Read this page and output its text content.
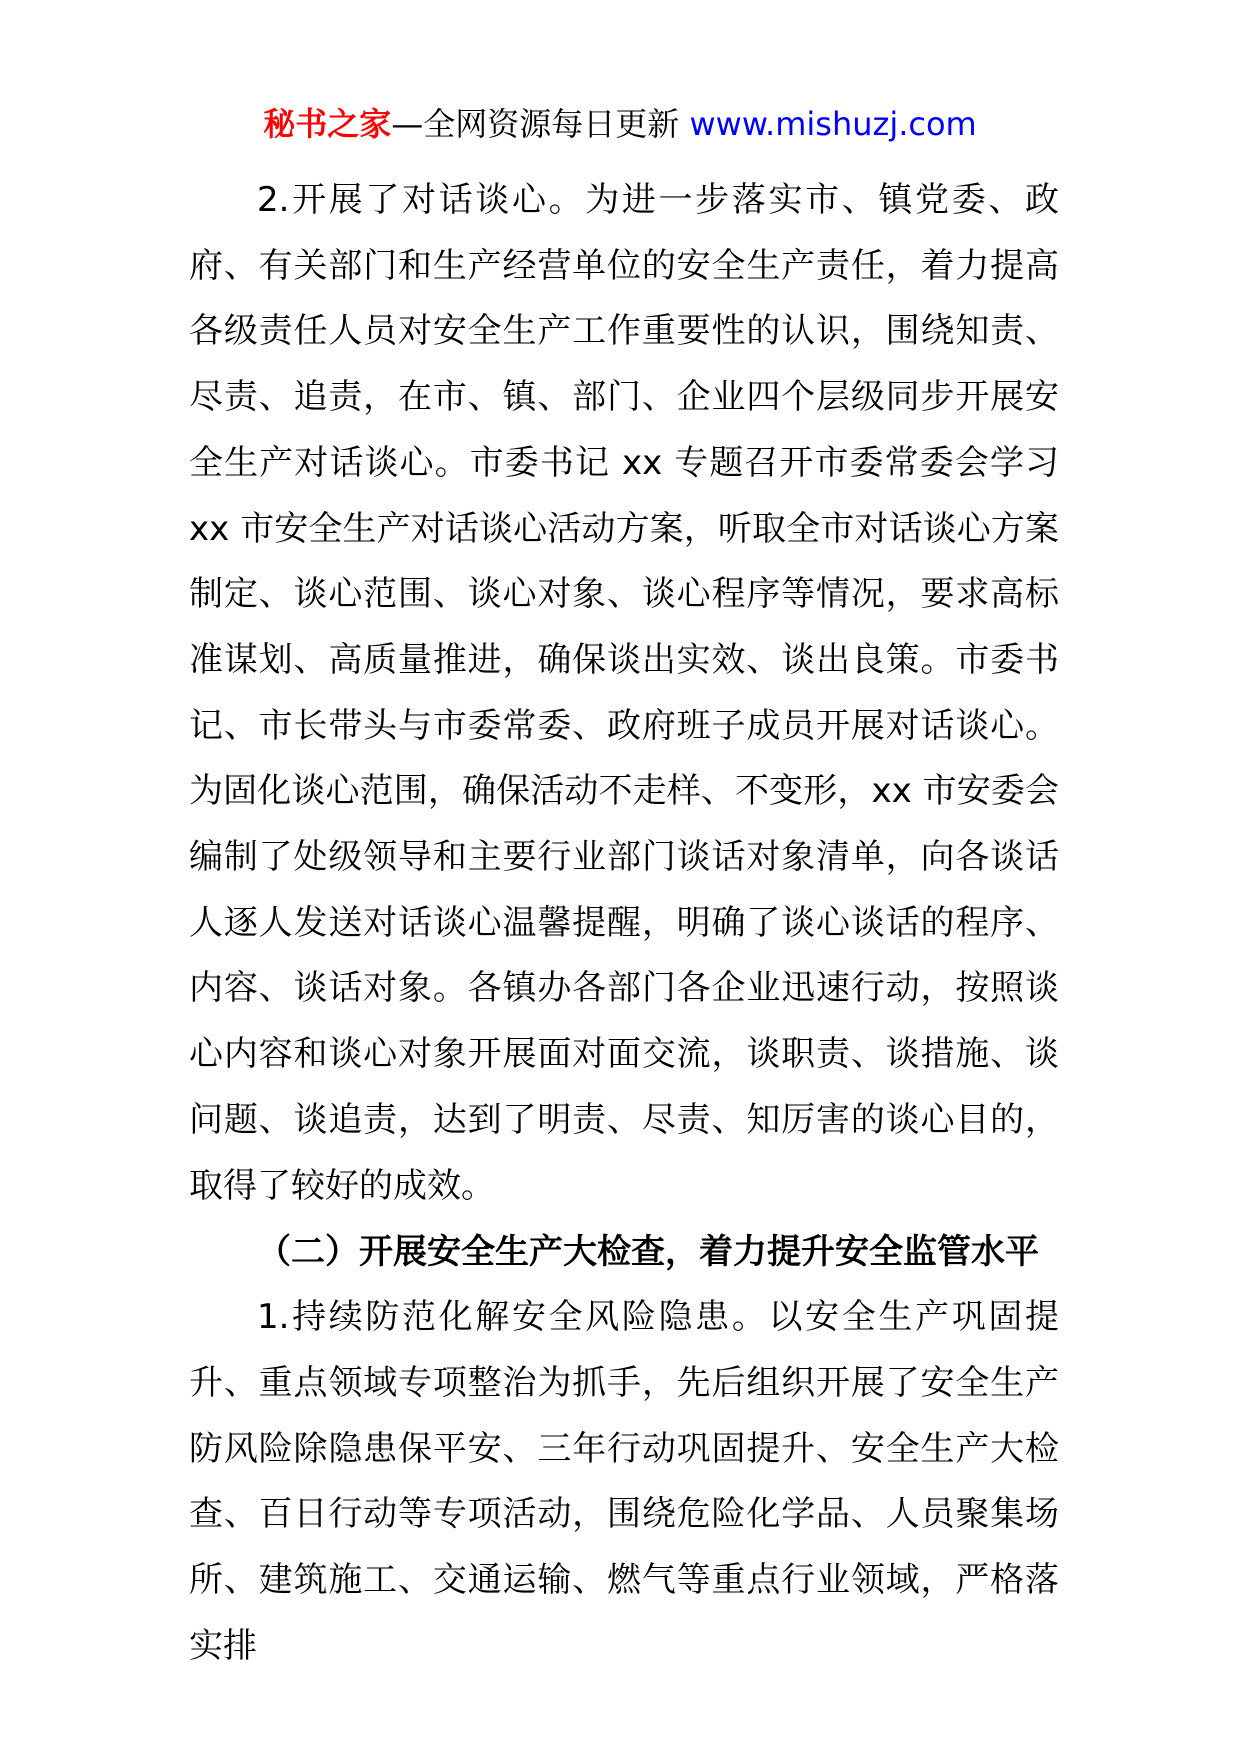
秘书之家—全网资源每日更新 www.mishuzj.com

2.开展了对话谈心。为进一步落实市、镇党委、政府、有关部门和生产经营单位的安全生产责任，着力提高各级责任人员对安全生产工作重要性的认识，围绕知责、尽责、追责，在市、镇、部门、企业四个层级同步开展安全生产对话谈心。市委书记 xx 专题召开市委常委会学习 xx 市安全生产对话谈心活动方案，听取全市对话谈心方案制定、谈心范围、谈心对象、谈心程序等情况，要求高标准谋划、高质量推进，确保谈出实效、谈出良策。市委书记、市长带头与市委常委、政府班子成员开展对话谈心。为固化谈心范围，确保活动不走样、不变形，xx 市安委会编制了处级领导和主要行业部门谈话对象清单，向各谈话人逐人发送对话谈心温馨提醒，明确了谈心谈话的程序、内容、谈话对象。各镇办各部门各企业迅速行动，按照谈心内容和谈心对象开展面对面交流，谈职责、谈措施、谈问题、谈追责，达到了明责、尽责、知厉害的谈心目的，取得了较好的成效。

（二）开展安全生产大检查，着力提升安全监管水平

1.持续防范化解安全风险隐患。以安全生产巩固提升、重点领域专项整治为抓手，先后组织开展了安全生产防风险除隐患保平安、三年行动巩固提升、安全生产大检查、百日行动等专项活动，围绕危险化学品、人员聚集场所、建筑施工、交通运输、燃气等重点行业领域，严格落实排
